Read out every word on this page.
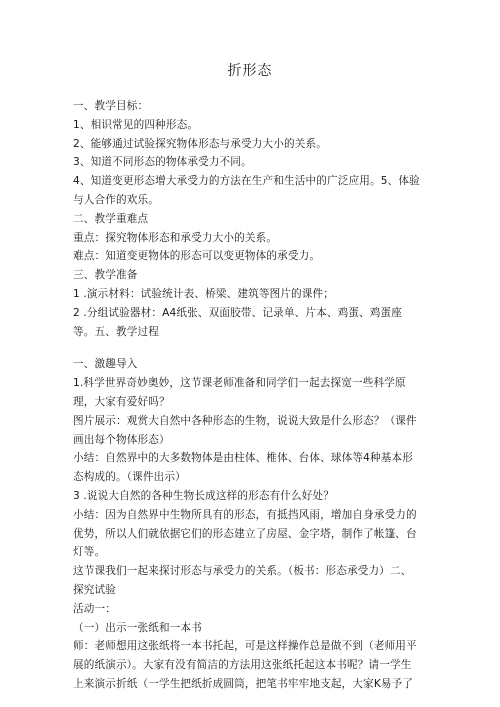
折形态
一、教学目标：
1、相识常见的四种形态。
2、能够通过试验探究物体形态与承受力大小的关系。
3、知道不同形态的物体承受力不同。
4、知道变更形态增大承受力的方法在生产和生活中的广泛应用。5、体验
与人合作的欢乐。
二、教学重难点
重点：探究物体形态和承受力大小的关系。
难点：知道变更物体的形态可以变更物体的承受力。
三、教学准备
1 .演示材料：试验统计表、桥梁、建筑等图片的课件；
2 .分组试验器材：A4纸张、双面胶带、记录单、片本、鸡蛋、鸡蛋座
等。五、教学过程
一、激趣导入
1.科学世界奇妙奥妙，这节课老师准备和同学们一起去探宽一些科学原
理，大家有爱好吗？
图片展示：观赏大自然中各种形态的生物，说说大致是什么形态？（课件
画出每个物体形态）
小结：自然界中的大多数物体是由柱体、椎体、台体、球体等4种基本形
态构成的。（课件出示）
3 .说说大自然的各种生物长成这样的形态有什么好处？
小结：因为自然界中生物所具有的形态，有抵挡风雨，增加自身承受力的
优势，所以人们就依据它们的形态建立了房屋、金字塔，制作了帐篷、台
灯等。
这节课我们一起来探讨形态与承受力的关系。（板书：形态承受力）二、
探究试验
活动一：
（一）出示一张纸和一本书
师：老师想用这张纸将一本书托起，可是这样操作总是做不到（老师用平
展的纸演示）。大家有没有简洁的方法用这张纸托起这本书呢？请一学生
上来演示折纸（一学生把纸折成圆筒，把笔书牢牢地支起，大家K易予了
